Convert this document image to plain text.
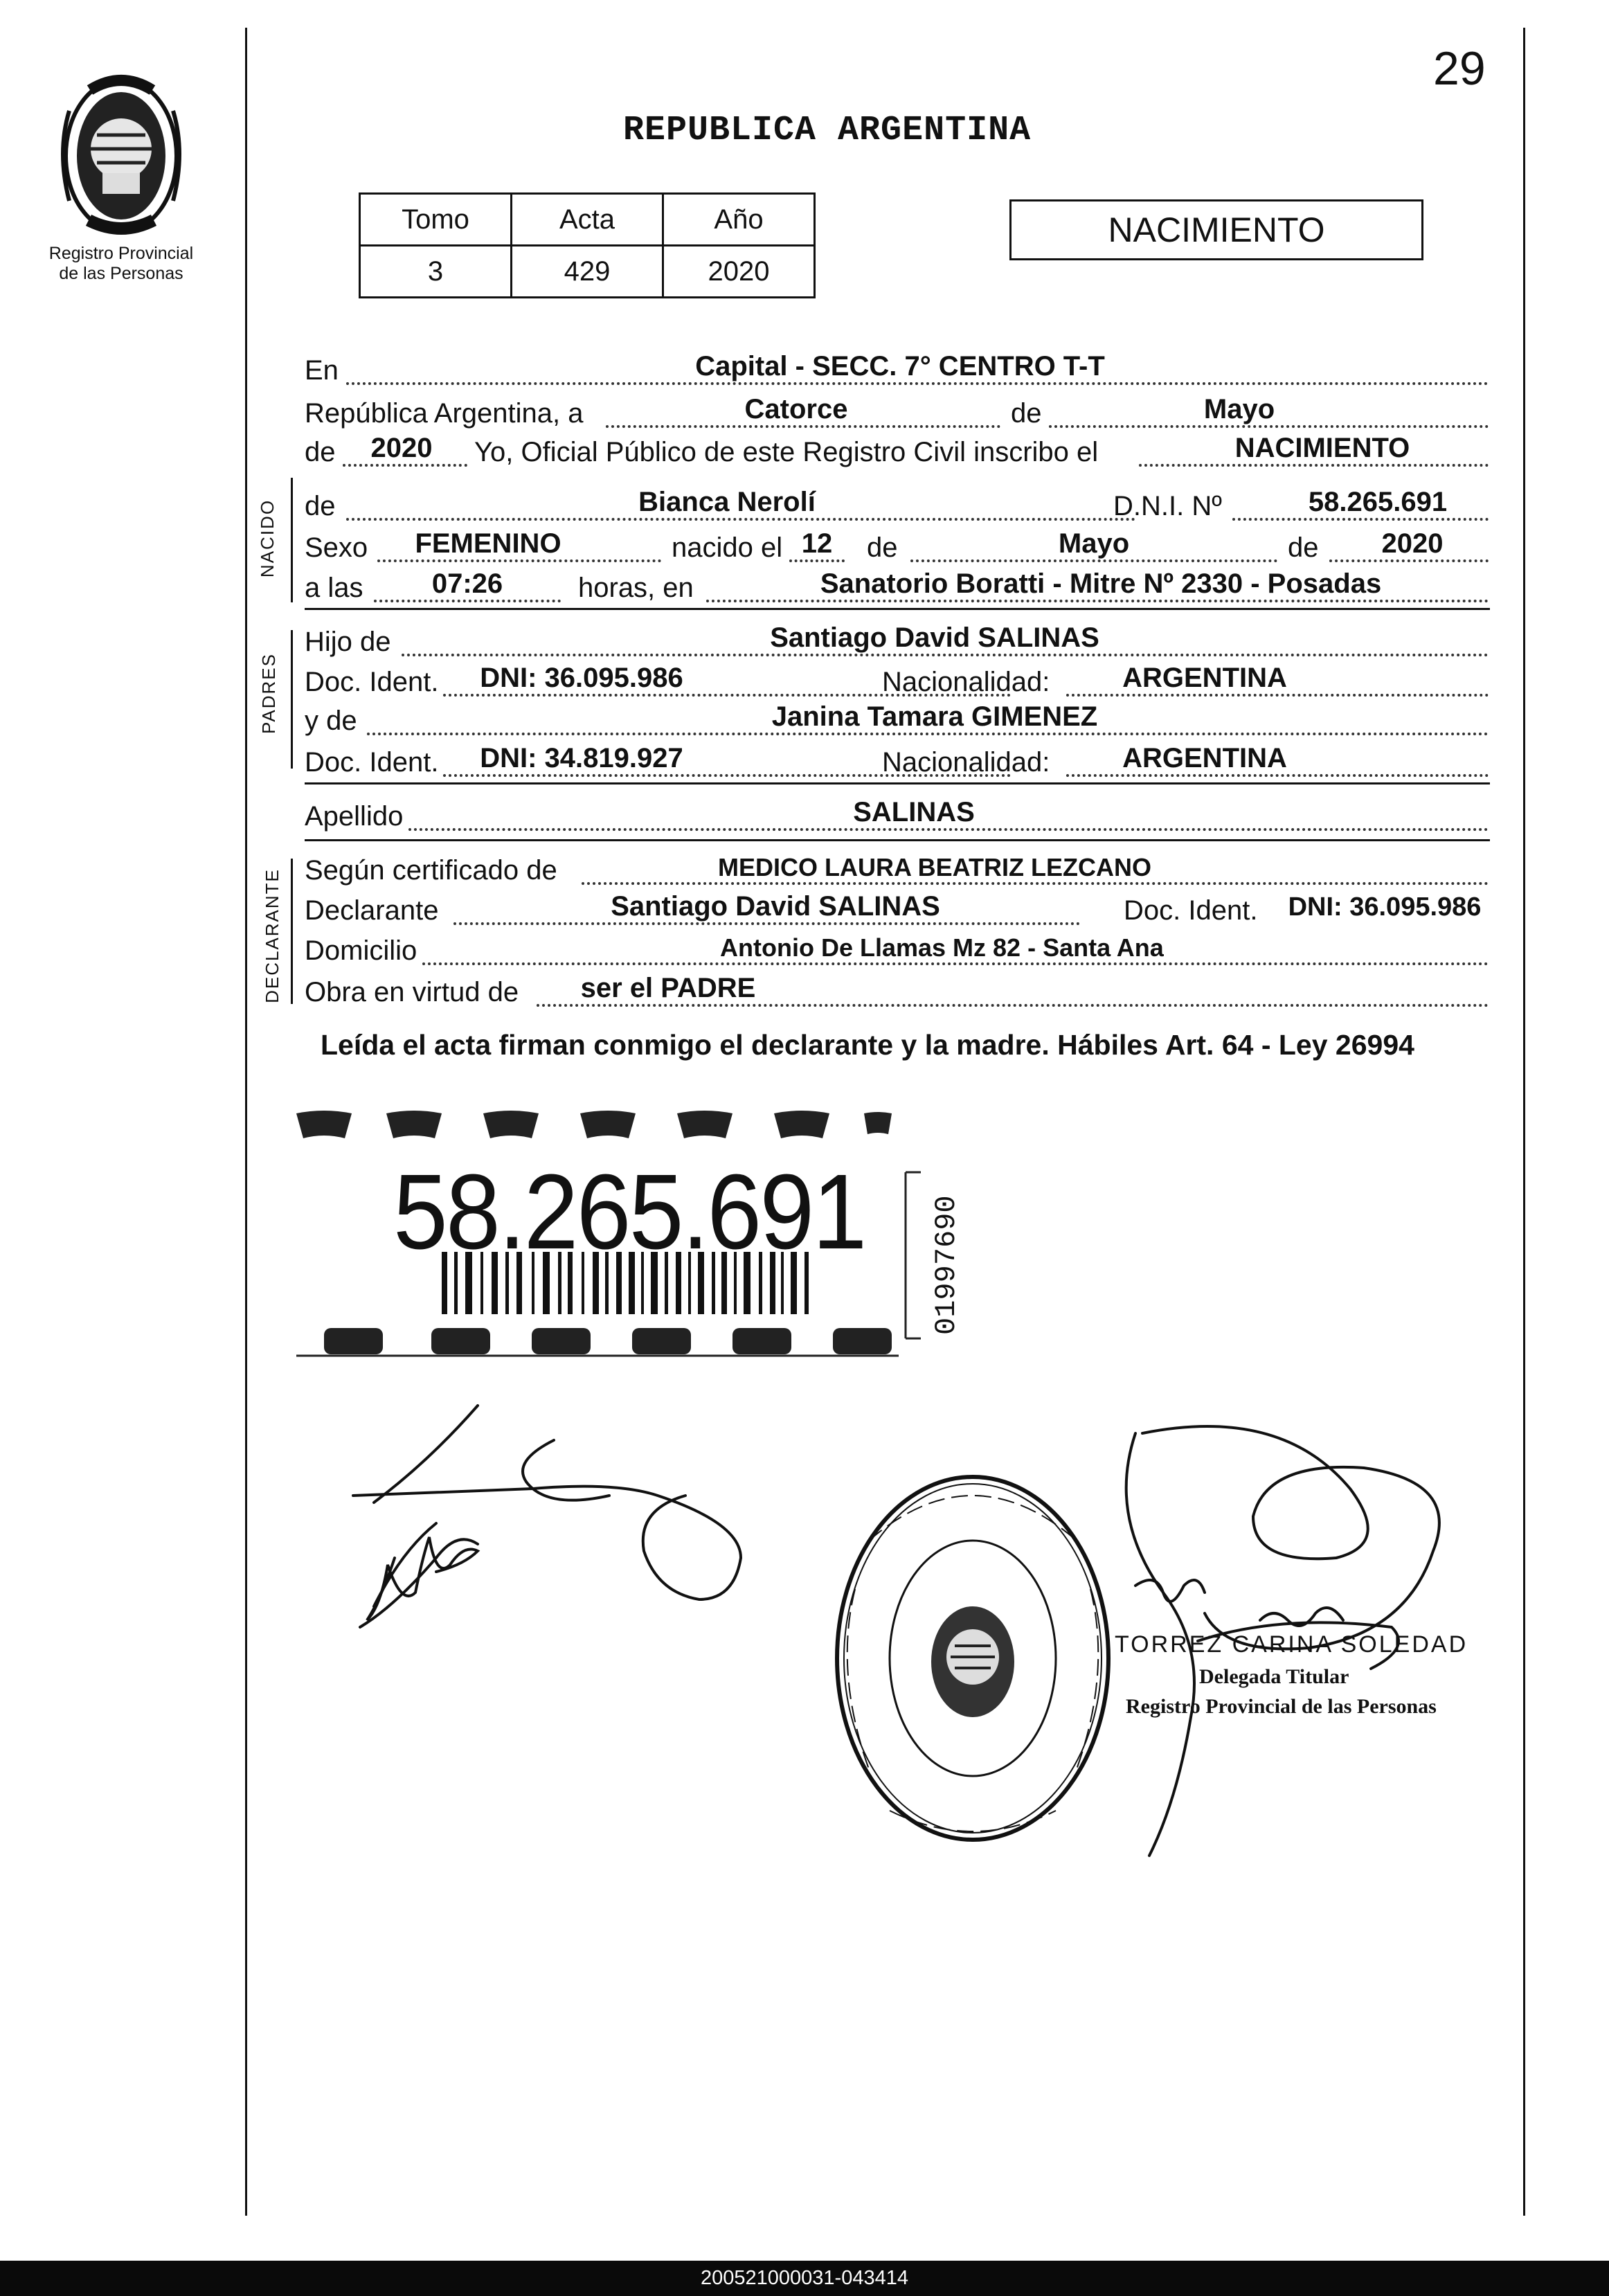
Registro Provincial
de las Personas
29
REPUBLICA ARGENTINA
Tomo	Acta	Año
3	429	2020
NACIMIENTO
En	Capital - SECC. 7° CENTRO T-T
República Argentina, a	Catorce	de	Mayo
de	2020	Yo, Oficial Público de este Registro Civil inscribo el	NACIMIENTO
NACIDO de	Bianca Nerolí	D.N.I. Nº	58.265.691
Sexo	FEMENINO	nacido el 12	de	Mayo	de	2020
a las	07:26	horas, en	Sanatorio Boratti - Mitre Nº 2330 - Posadas
PADRES
Hijo de	Santiago David SALINAS
Doc. Ident.	DNI: 36.095.986	Nacionalidad:	ARGENTINA
y de	Janina Tamara GIMENEZ
Doc. Ident.	DNI: 34.819.927	Nacionalidad:	ARGENTINA
Apellido	SALINAS
DECLARANTE Según certificado de	MEDICO LAURA BEATRIZ LEZCANO
Declarante	Santiago David SALINAS	Doc. Ident.	DNI: 36.095.986
Domicilio	Antonio De Llamas Mz 82 - Santa Ana
Obra en virtud de	ser el PADRE
Leída el acta firman conmigo el declarante y la madre. Hábiles Art. 64 - Ley 26994
58.265.691 01997690
TORREZ CARINA SOLEDAD
Delegada Titular
Registro Provincial de las Personas
200521000031-043414
